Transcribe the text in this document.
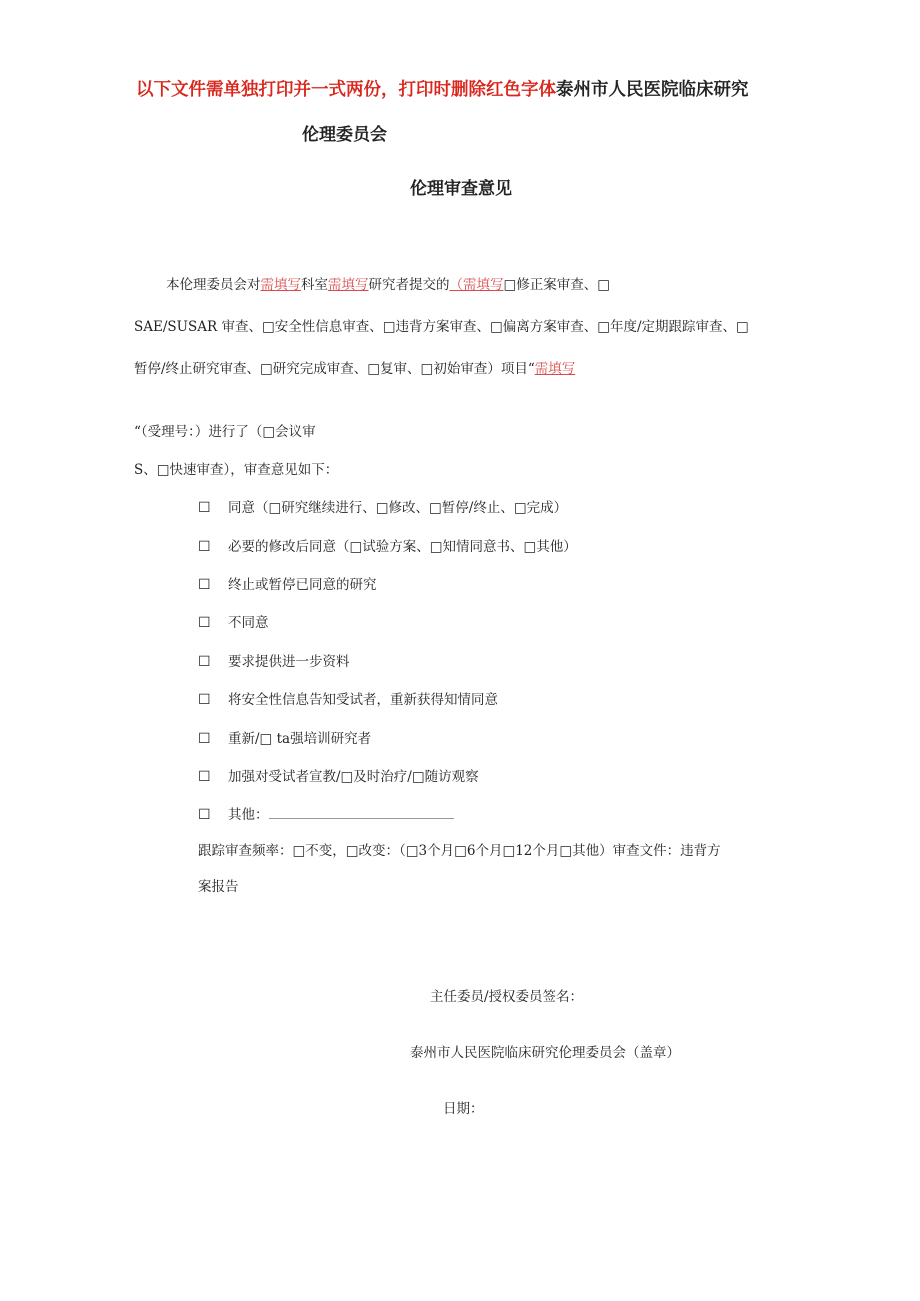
以下文件需单独打印并一式两份，打印时删除红色字体泰州市人民医院临床研究
伦理委员会
伦理审查意见
本伦理委员会对需填写科室需填写研究者提交的（需填写□修正案审查、□
SAE/SUSAR 审查、□安全性信息审查、□违背方案审查、□偏离方案审查、□年度/定期跟踪审查、□
暂停/终止研究审查、□研究完成审查、□复审、□初始审查）项目“需填写
“（受理号：）进行了（□会议审
S、□快速审查），审查意见如下：
☐ 同意（□研究继续进行、□修改、□暂停/终止、□完成）
☐ 必要的修改后同意（□试验方案、□知情同意书、□其他）
☐ 终止或暂停已同意的研究
☐ 不同意
☐ 要求提供进一步资料
☐ 将安全性信息告知受试者，重新获得知情同意
☐ 重新/□ ta强培训研究者
☐ 加强对受试者宣教/□及时治疗/□随访观察
☐ 其他：
跟踪审查频率：□不变，□改变：（□3个月□6个月□12个月□其他）审查文件：违背方
案报告
主任委员/授权委员签名：
泰州市人民医院临床研究伦理委员会（盖章）
日期：
